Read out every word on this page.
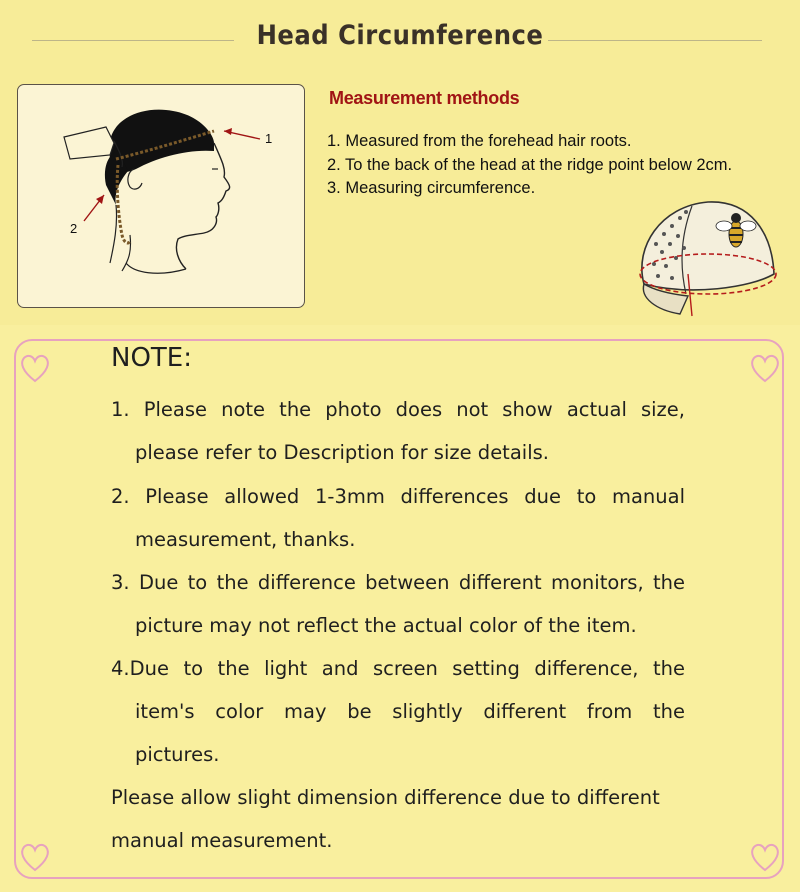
Head Circumference
1
2
Measurement methods
1. Measured from the forehead hair roots.
2. To the back of the head at the ridge point below 2cm.
3. Measuring circumference.
NOTE:
1. Please note the photo does not show actual size,
please refer to Description for size details.
2. Please allowed 1-3mm differences due to manual
measurement, thanks.
3. Due to the difference between different monitors, the
picture may not reflect the actual color of the item.
4.Due to the light and screen setting difference, the
item's color may be slightly different from the
pictures.
Please allow slight dimension difference due to different
manual measurement.
